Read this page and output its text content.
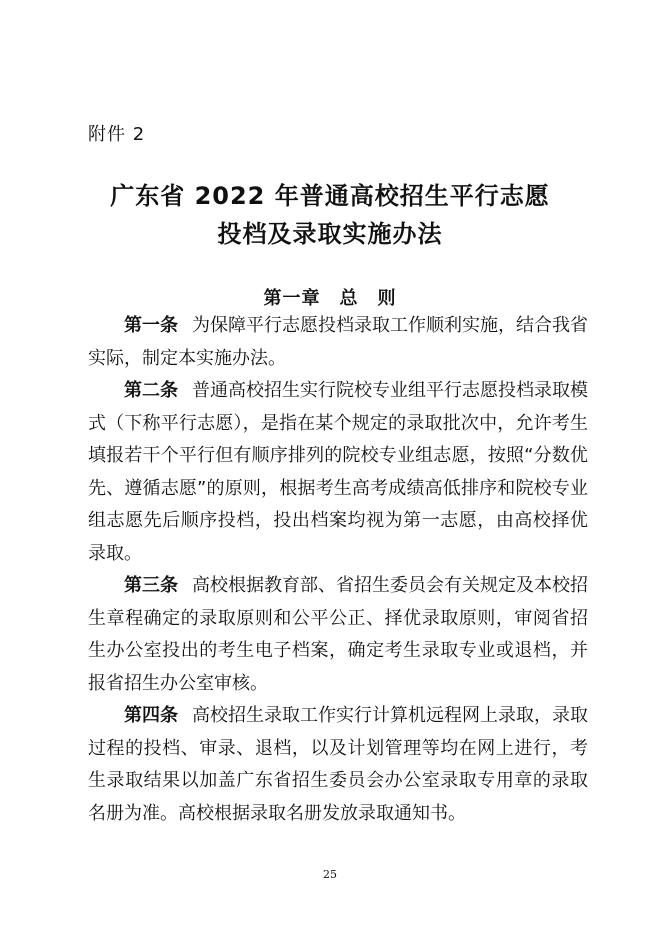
附件 2
广东省 2022 年普通高校招生平行志愿
投档及录取实施办法
第一章　总　则

第一条 为保障平行志愿投档录取工作顺利实施，结合我省实际，制定本实施办法。

第二条 普通高校招生实行院校专业组平行志愿投档录取模式（下称平行志愿），是指在某个规定的录取批次中，允许考生填报若干个平行但有顺序排列的院校专业组志愿，按照“分数优先、遵循志愿”的原则，根据考生高考成绩高低排序和院校专业组志愿先后顺序投档，投出档案均视为第一志愿，由高校择优录取。

第三条 高校根据教育部、省招生委员会有关规定及本校招生章程确定的录取原则和公平公正、择优录取原则，审阅省招生办公室投出的考生电子档案，确定考生录取专业或退档，并报省招生办公室审核。

第四条 高校招生录取工作实行计算机远程网上录取，录取过程的投档、审录、退档，以及计划管理等均在网上进行，考生录取结果以加盖广东省招生委员会办公室录取专用章的录取名册为准。高校根据录取名册发放录取通知书。

25
